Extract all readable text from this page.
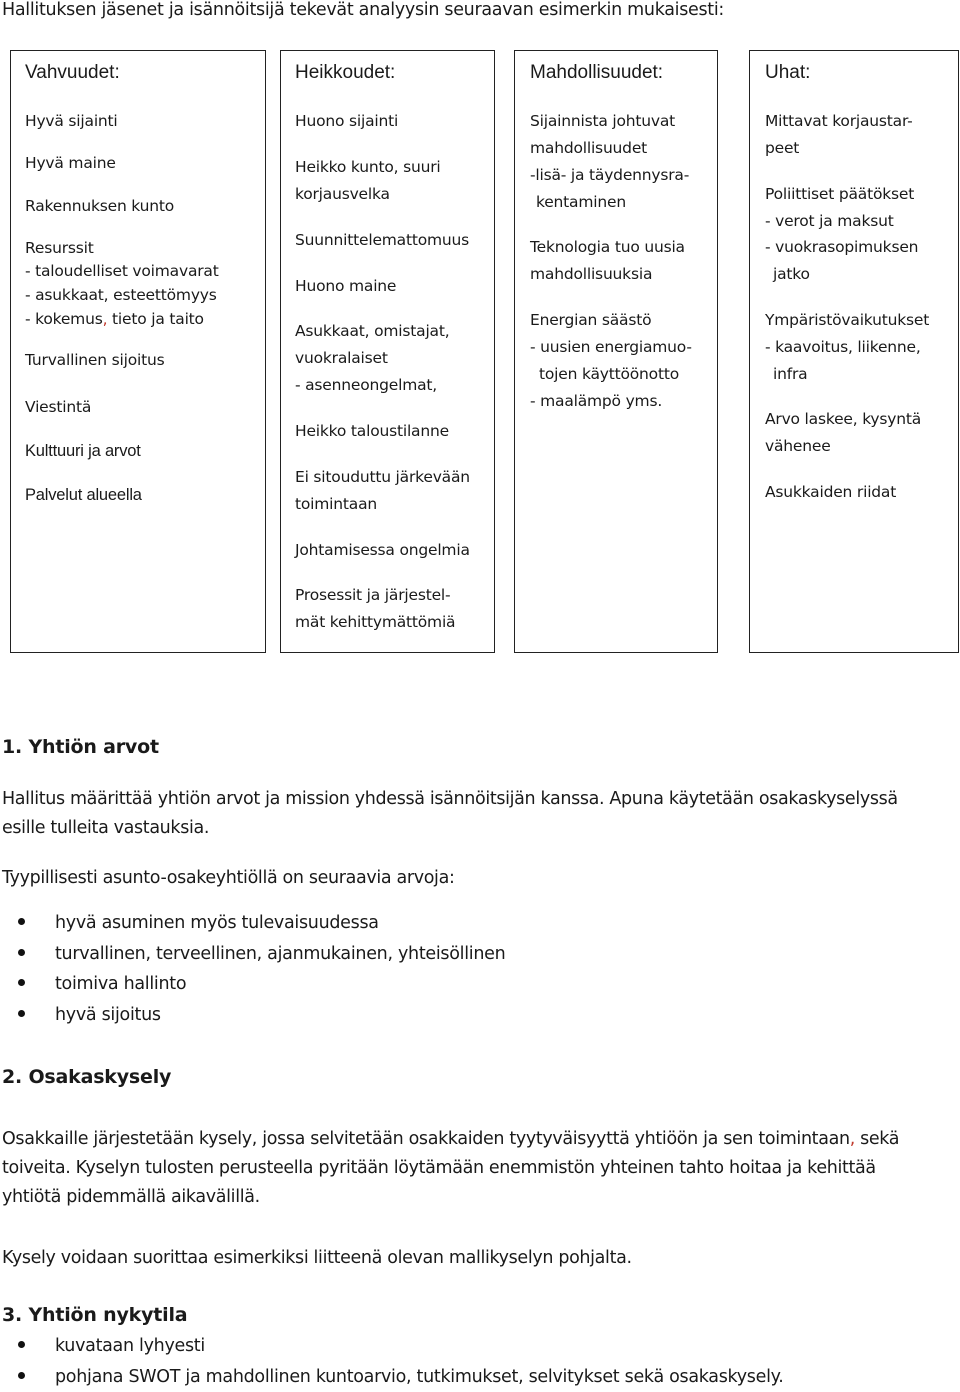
Hallituksen jäsenet ja isännöitsijä tekevät analyysin seuraavan esimerkin mukaisesti:
Vahvuudet:
Hyvä sijainti
Hyvä maine
Rakennuksen kunto
Resurssit
- taloudelliset voimavarat
- asukkaat, esteettömyys
- kokemus, tieto ja taito
Turvallinen sijoitus
Viestintä
Kulttuuri ja arvot
Palvelut alueella
Heikkoudet:
Huono sijainti
Heikko kunto, suuri
korjausvelka
Suunnittelemattomuus
Huono maine
Asukkaat, omistajat,
vuokralaiset
- asenneongelmat,
Heikko taloustilanne
Ei sitouduttu järkevään
toimintaan
Johtamisessa ongelmia
Prosessit ja järjestel-
mät kehittymättömiä
Mahdollisuudet:
Sijainnista johtuvat
mahdollisuudet
-lisä- ja täydennysra-
kentaminen
Teknologia tuo uusia
mahdollisuuksia
Energian säästö
- uusien energiamuo-
tojen käyttöönotto
- maalämpö yms.
Uhat:
Mittavat korjaustar-
peet
Poliittiset päätökset
- verot ja maksut
- vuokrasopimuksen
jatko
Ympäristövaikutukset
- kaavoitus, liikenne,
infra
Arvo laskee, kysyntä
vähenee
Asukkaiden riidat
1. Yhtiön arvot
Hallitus määrittää yhtiön arvot ja mission yhdessä isännöitsijän kanssa. Apuna käytetään osakaskyselyssä
esille tulleita vastauksia.
Tyypillisesti asunto-osakeyhtiöllä on seuraavia arvoja:
hyvä asuminen myös tulevaisuudessa
turvallinen, terveellinen, ajanmukainen, yhteisöllinen
toimiva hallinto
hyvä sijoitus
2. Osakaskysely
Osakkaille järjestetään kysely, jossa selvitetään osakkaiden tyytyväisyyttä yhtiöön ja sen toimintaan, sekä
toiveita. Kyselyn tulosten perusteella pyritään löytämään enemmistön yhteinen tahto hoitaa ja kehittää
yhtiötä pidemmällä aikavälillä.
Kysely voidaan suorittaa esimerkiksi liitteenä olevan mallikyselyn pohjalta.
3. Yhtiön nykytila
kuvataan lyhyesti
pohjana SWOT ja mahdollinen kuntoarvio, tutkimukset, selvitykset sekä osakaskysely.
